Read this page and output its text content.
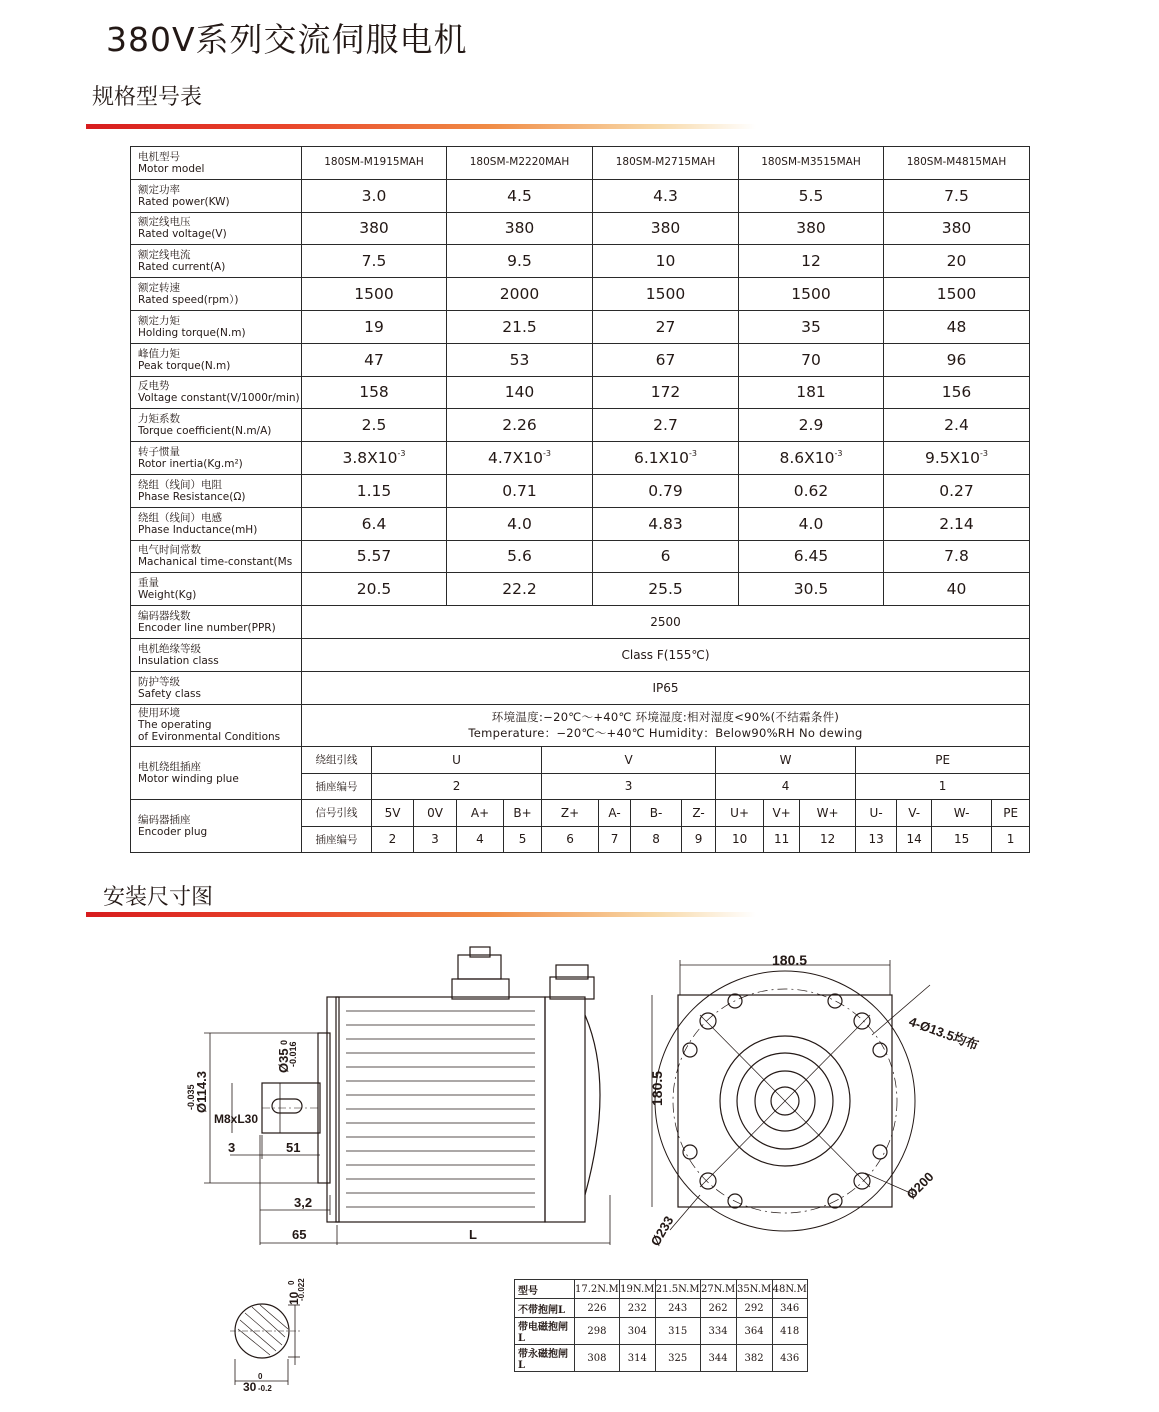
380V系列交流伺服电机
规格型号表
电机型号
Motor model
	180SM-M1915MAH	180SM-M2220MAH	180SM-M2715MAH	180SM-M3515MAH	180SM-M4815MAH

额定功率
Rated power(KW)	3.0	4.5	4.3	5.5	7.5

额定线电压
Rated voltage(V)	380	380	380	380	380

额定线电流
Rated current(A)	7.5	9.5	10	12	20

额定转速
Rated speed(rpm）)	1500	2000	1500	1500	1500

额定力矩
Holding torque(N.m)	19	21.5	27	35	48

峰值力矩
Peak torque(N.m)	47	53	67	70	96

反电势
Voltage constant(V/1000r/min)	158	140	172	181	156

力矩系数
Torque coefficient(N.m/A)	2.5	2.26	2.7	2.9	2.4

转子惯量
Rotor inertia(Kg.m²)	$3.8X10^{-3}$	$4.7X10^{-3}$	$6.1X10^{-3}$	$8.6X10^{-3}$	$9.5X10^{-3}$

绕组（线间）电阻
Phase Resistance(Ω)	1.15	0.71	0.79	0.62	0.27

绕组（线间）电感
Phase Inductance(mH)	6.4	4.0	4.83	4.0	2.14

电气时间常数
Machanical time-constant(Ms	5.57	5.6	6	6.45	7.8

重量
Weight(Kg)	20.5	22.2	25.5	30.5	40

编码器线数
Encoder line number(PPR)	2500

电机绝缘等级
Insulation class	Class F(155℃)

防护等级
Safety class	IP65

使用环境
The operating
of Evironmental Conditions

环境温度:−20℃～+40℃ 环境湿度:相对湿度<90%(不结霜条件)
Temperature：−20℃～+40℃ Humidity：Below90%RH No dewing
电机绕组插座
Motor winding plue
	绕组引线	U	V	W	PE
插座编号	2	3	4	1

编码器插座
Encoder plug
	信号引线	5V	0V	A+	B+	Z+	A-	B-	Z-	U+	V+	W+	U-	V-	W-	PE
插座编号	2	3	4	5	6	7	8	9	10	11	12	13	14	15	1
安装尺寸图
Ø114.3
-0.035
Ø35
0 -0.016
M8xL30
3	51
3,2
65	L
180.5
180.5
4-Ø13.5均布
Ø200
Ø233
10
0 -0.022
30
0
-0.2
型号	17.2N.M	19N.M	21.5N.M	27N.M	35N.M	48N.M
不带抱闸L	226	232	243	262	292	346
带电磁抱闸L	298	304	315	334	364	418
带永磁抱闸L	308	314	325	344	382	436
